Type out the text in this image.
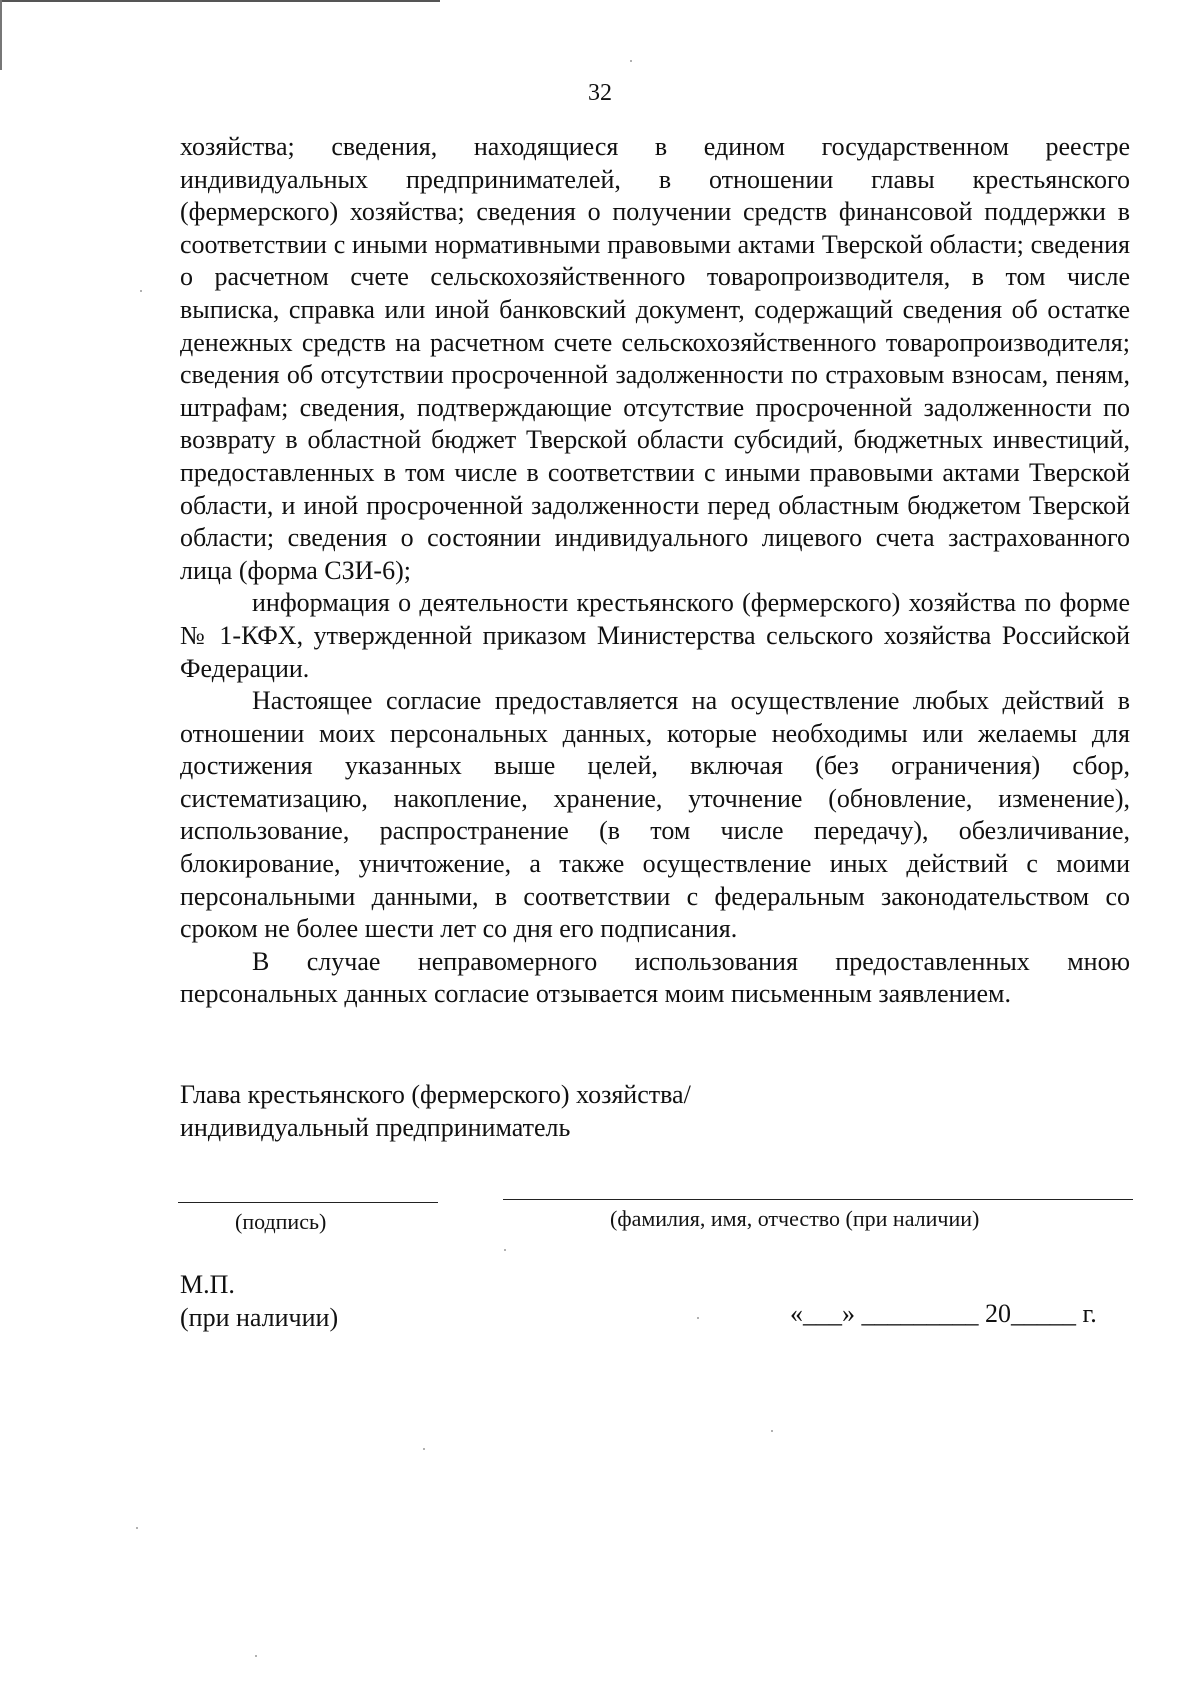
32

хозяйства; сведения, находящиеся в едином государственном реестре индивидуальных предпринимателей, в отношении главы крестьянского (фермерского) хозяйства; сведения о получении средств финансовой поддержки в соответствии с иными нормативными правовыми актами Тверской области; сведения о расчетном счете сельскохозяйственного товаропроизводителя, в том числе выписка, справка или иной банковский документ, содержащий сведения об остатке денежных средств на расчетном счете сельскохозяйственного товаропроизводителя; сведения об отсутствии просроченной задолженности по страховым взносам, пеням, штрафам; сведения, подтверждающие отсутствие просроченной задолженности по возврату в областной бюджет Тверской области субсидий, бюджетных инвестиций, предоставленных в том числе в соответствии с иными правовыми актами Тверской области, и иной просроченной задолженности перед областным бюджетом Тверской области; сведения о состоянии индивидуального лицевого счета застрахованного лица (форма СЗИ-6);

информация о деятельности крестьянского (фермерского) хозяйства по форме № 1-КФХ, утвержденной приказом Министерства сельского хозяйства Российской Федерации.

Настоящее согласие предоставляется на осуществление любых действий в отношении моих персональных данных, которые необходимы или желаемы для достижения указанных выше целей, включая (без ограничения) сбор, систематизацию, накопление, хранение, уточнение (обновление, изменение), использование, распространение (в том числе передачу), обезличивание, блокирование, уничтожение, а также осуществление иных действий с моими персональными данными, в соответствии с федеральным законодательством со сроком не более шести лет со дня его подписания.

В случае неправомерного использования предоставленных мною персональных данных согласие отзывается моим письменным заявлением.

Глава крестьянского (фермерского) хозяйства/
индивидуальный предприниматель
(подпись)	(фамилия, имя, отчество (при наличии)
М.П.
(при наличии)	«___» _________ 20_____ г.
